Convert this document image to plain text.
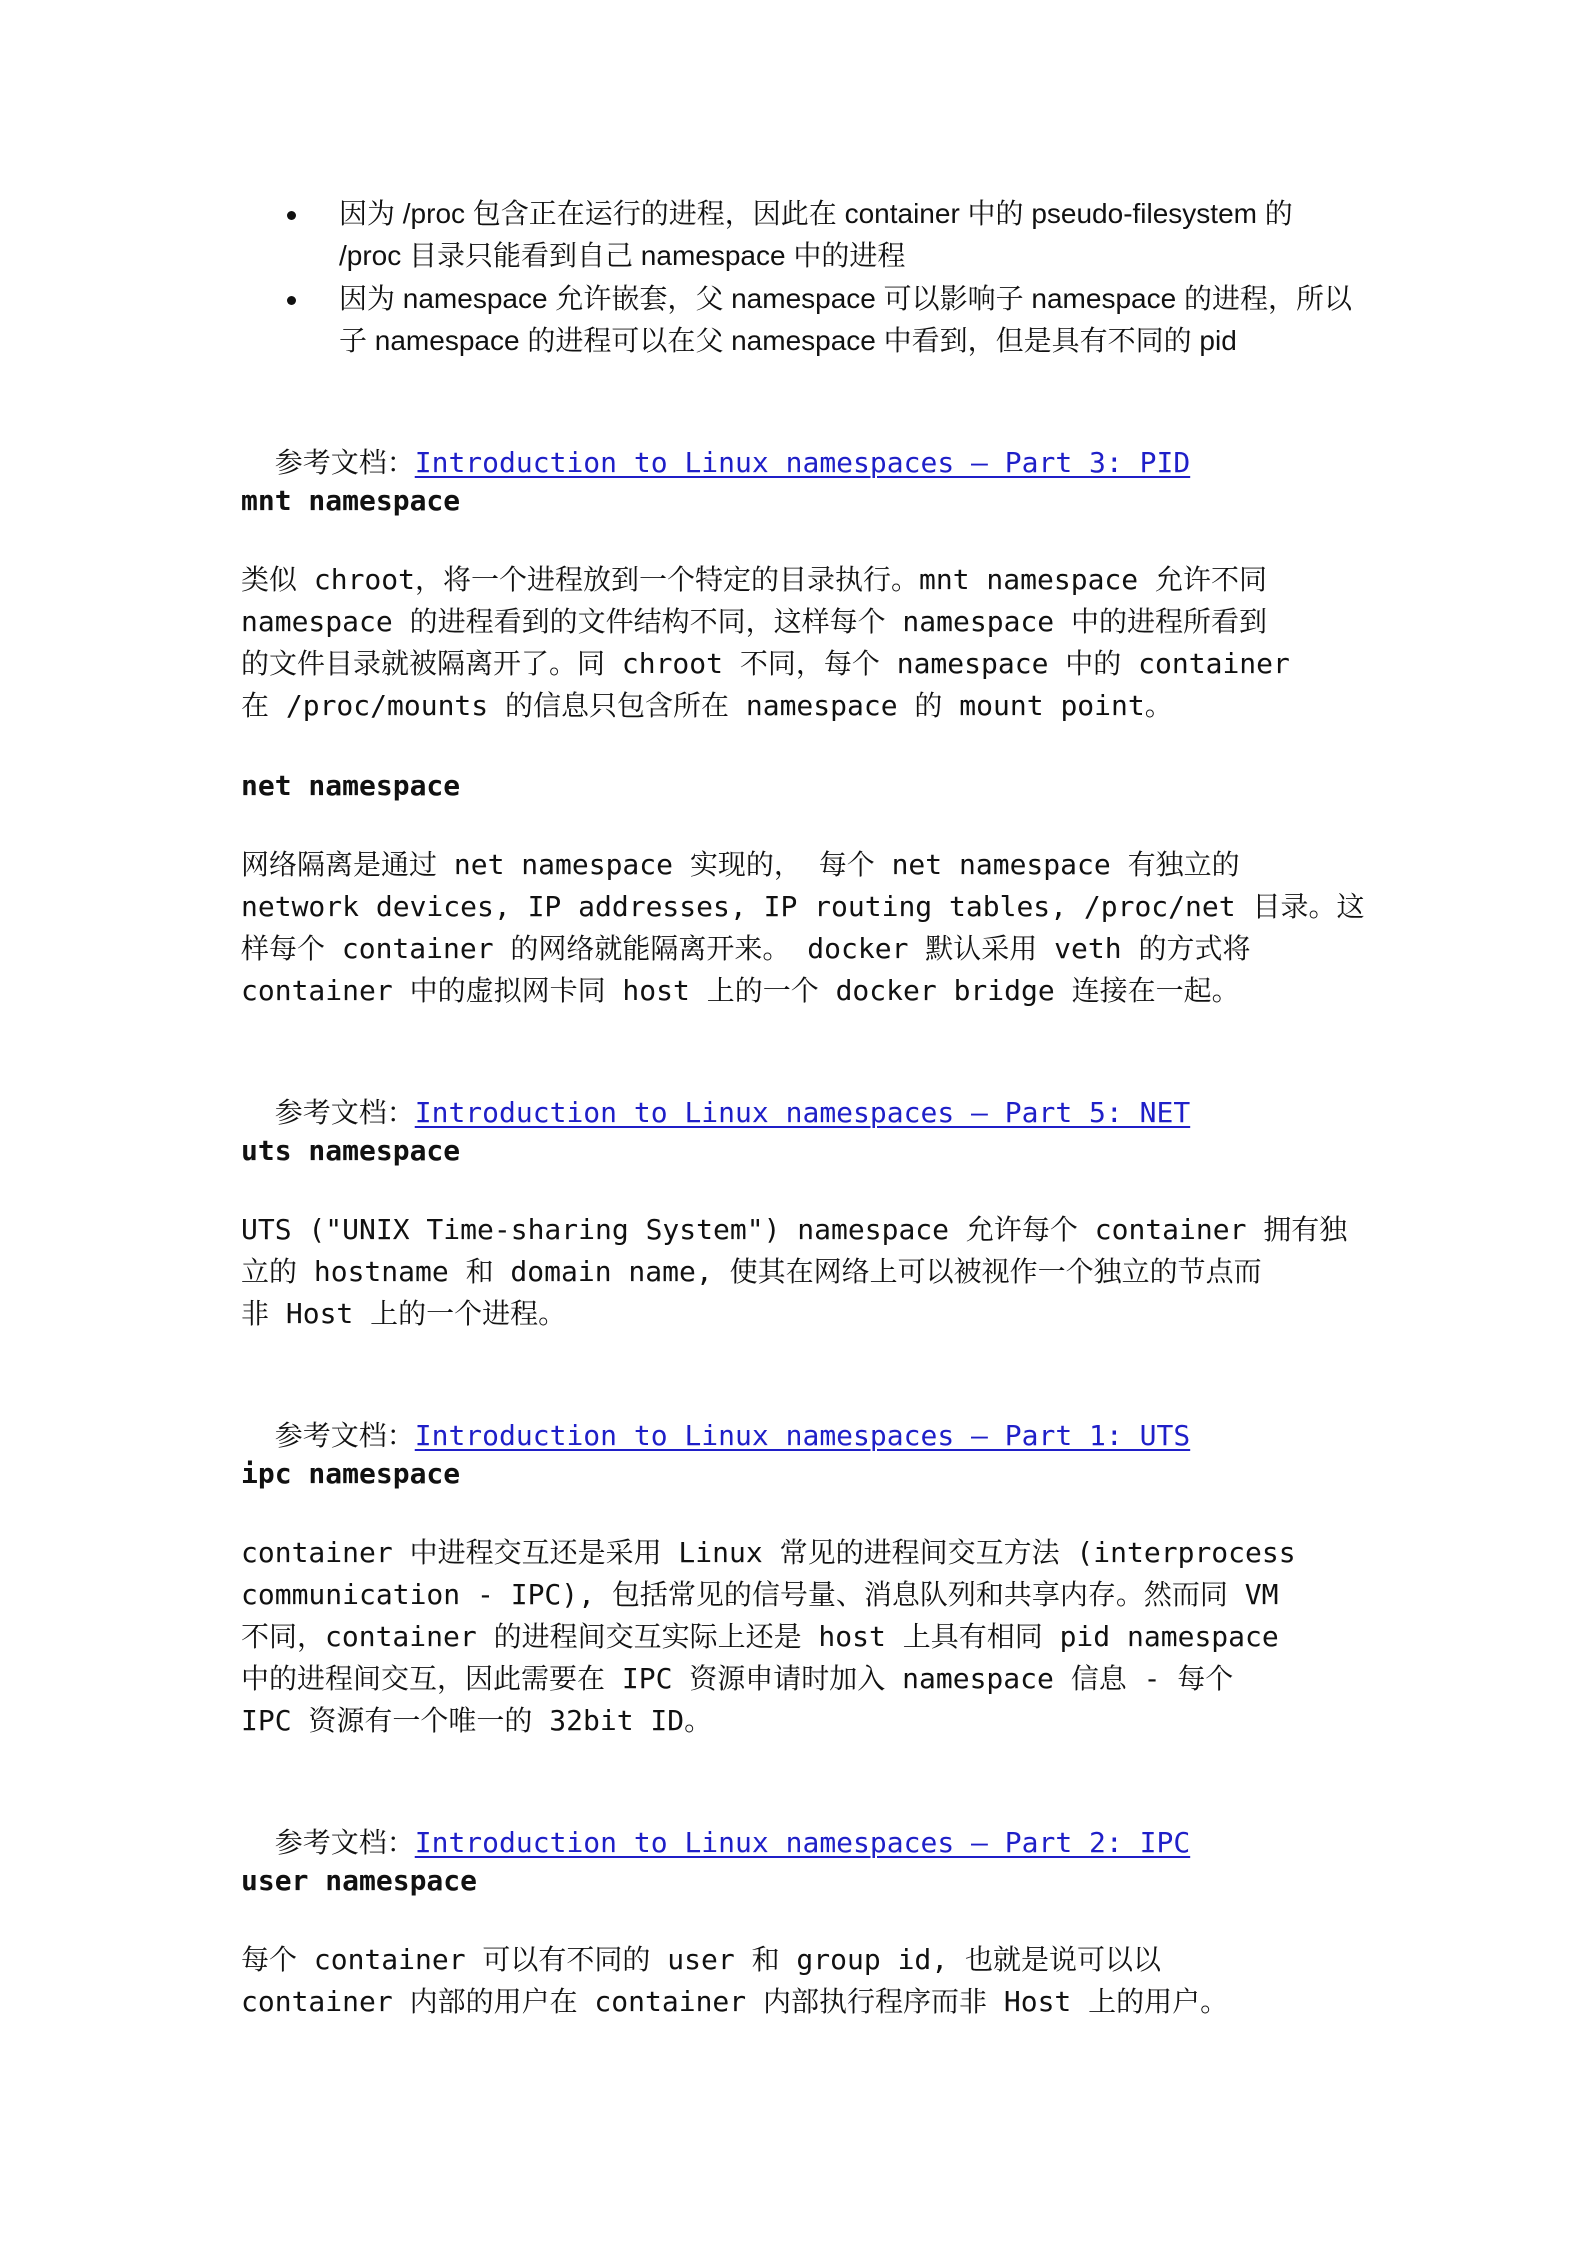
因为 /proc 包含正在运行的进程，因此在 container 中的 pseudo-filesystem 的
/proc 目录只能看到自己 namespace 中的进程
因为 namespace 允许嵌套，父 namespace 可以影响子 namespace 的进程，所以
子 namespace 的进程可以在父 namespace 中看到，但是具有不同的 pid

参考文档：Introduction to Linux namespaces – Part 3: PID

mnt namespace
类似 chroot，将一个进程放到一个特定的目录执行。mnt namespace 允许不同
namespace 的进程看到的文件结构不同，这样每个 namespace 中的进程所看到
的文件目录就被隔离开了。同 chroot 不同，每个 namespace 中的 container
在 /proc/mounts 的信息只包含所在 namespace 的 mount point。
net namespace
网络隔离是通过 net namespace 实现的， 每个 net namespace 有独立的
network devices, IP addresses, IP routing tables, /proc/net 目录。这
样每个 container 的网络就能隔离开来。 docker 默认采用 veth 的方式将
container 中的虚拟网卡同 host 上的一个 docker bridge 连接在一起。

参考文档：Introduction to Linux namespaces – Part 5: NET

uts namespace
UTS ("UNIX Time-sharing System") namespace 允许每个 container 拥有独
立的 hostname 和 domain name, 使其在网络上可以被视作一个独立的节点而
非 Host 上的一个进程。

参考文档：Introduction to Linux namespaces – Part 1: UTS

ipc namespace
container 中进程交互还是采用 Linux 常见的进程间交互方法 (interprocess
communication - IPC), 包括常见的信号量、消息队列和共享内存。然而同 VM
不同，container 的进程间交互实际上还是 host 上具有相同 pid namespace
中的进程间交互，因此需要在 IPC 资源申请时加入 namespace 信息 - 每个
IPC 资源有一个唯一的 32bit ID。

参考文档：Introduction to Linux namespaces – Part 2: IPC

user namespace
每个 container 可以有不同的 user 和 group id, 也就是说可以以
container 内部的用户在 container 内部执行程序而非 Host 上的用户。
